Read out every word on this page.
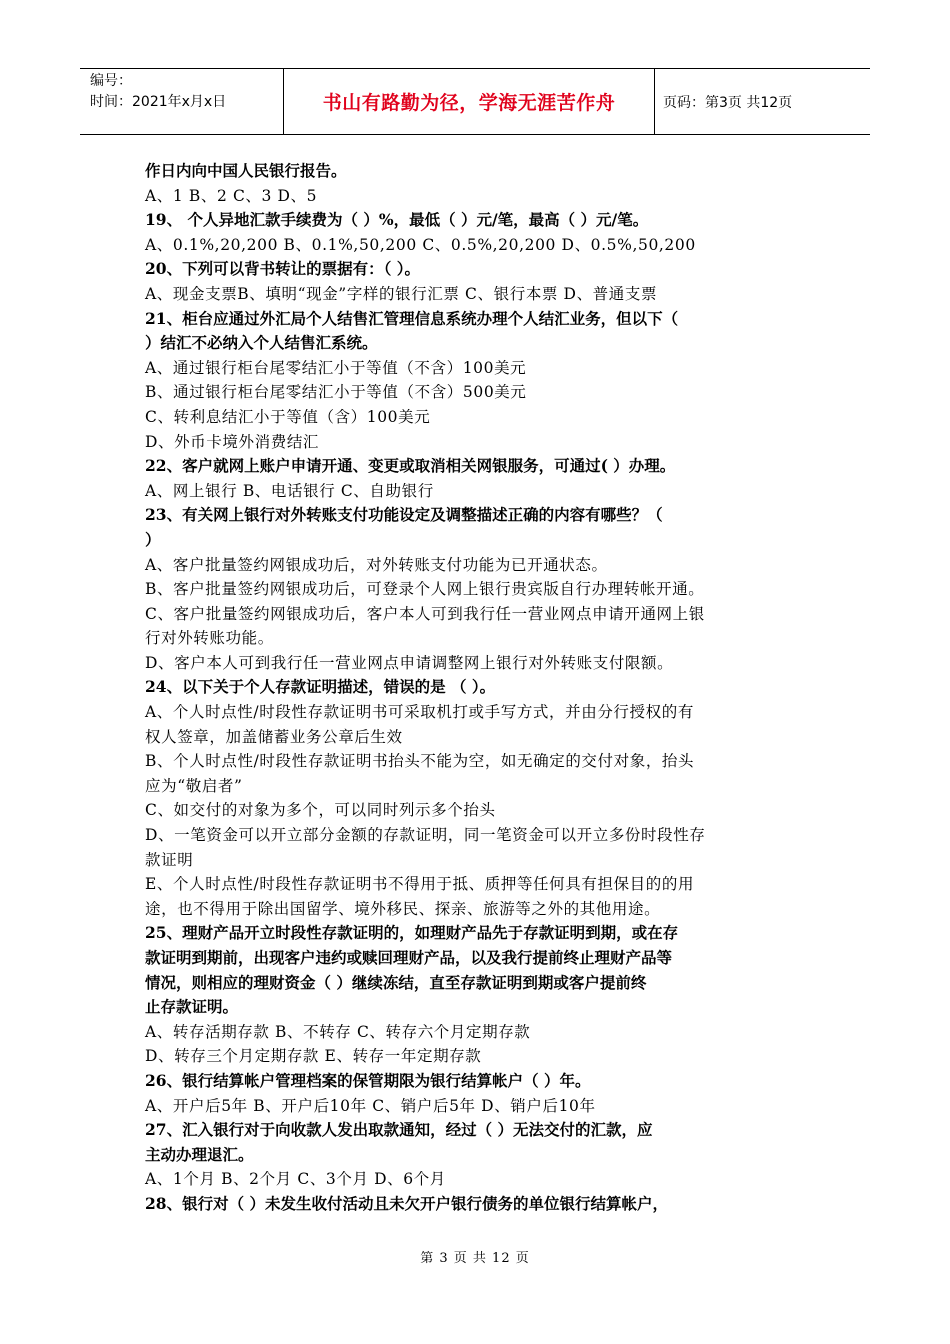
编号：
时间：2021年x月x日	书山有路勤为径，学海无涯苦作舟	页码：第3页 共12页
作日内向中国人民银行报告。
A、1 B、2 C、3 D、5
19、 个人异地汇款手续费为（ ）%，最低（ ）元/笔，最高（ ）元/笔。
A、0.1%,20,200 B、0.1%,50,200 C、0.5%,20,200 D、0.5%,50,200
20、下列可以背书转让的票据有：（ ）。
A、现金支票B、填明“现金”字样的银行汇票 C、银行本票 D、普通支票
21、柜台应通过外汇局个人结售汇管理信息系统办理个人结汇业务，但以下（
）结汇不必纳入个人结售汇系统。
A、通过银行柜台尾零结汇小于等值（不含）100美元
B、通过银行柜台尾零结汇小于等值（不含）500美元
C、转利息结汇小于等值（含）100美元
D、外币卡境外消费结汇
22、客户就网上账户申请开通、变更或取消相关网银服务，可通过( ）办理。
A、网上银行 B、电话银行 C、自助银行
23、有关网上银行对外转账支付功能设定及调整描述正确的内容有哪些？（
）
A、客户批量签约网银成功后，对外转账支付功能为已开通状态。
B、客户批量签约网银成功后，可登录个人网上银行贵宾版自行办理转帐开通。
C、客户批量签约网银成功后，客户本人可到我行任一营业网点申请开通网上银
行对外转账功能。
D、客户本人可到我行任一营业网点申请调整网上银行对外转账支付限额。
24、以下关于个人存款证明描述，错误的是 （ ）。
A、个人时点性/时段性存款证明书可采取机打或手写方式，并由分行授权的有
权人签章，加盖储蓄业务公章后生效
B、个人时点性/时段性存款证明书抬头不能为空，如无确定的交付对象，抬头
应为“敬启者”
C、如交付的对象为多个，可以同时列示多个抬头
D、一笔资金可以开立部分金额的存款证明，同一笔资金可以开立多份时段性存
款证明
E、个人时点性/时段性存款证明书不得用于抵、质押等任何具有担保目的的用
途，也不得用于除出国留学、境外移民、探亲、旅游等之外的其他用途。
25、理财产品开立时段性存款证明的，如理财产品先于存款证明到期，或在存
款证明到期前，出现客户违约或赎回理财产品，以及我行提前终止理财产品等
情况，则相应的理财资金（ ）继续冻结，直至存款证明到期或客户提前终
止存款证明。
A、转存活期存款 B、不转存 C、转存六个月定期存款
D、转存三个月定期存款 E、转存一年定期存款
26、银行结算帐户管理档案的保管期限为银行结算帐户（ ）年。
A、开户后5年 B、开户后10年 C、销户后5年 D、销户后10年
27、汇入银行对于向收款人发出取款通知，经过（ ）无法交付的汇款，应
主动办理退汇。
A、1个月 B、2个月 C、3个月 D、6个月
28、银行对（ ）未发生收付活动且未欠开户银行债务的单位银行结算帐户，
第 3 页 共 12 页
